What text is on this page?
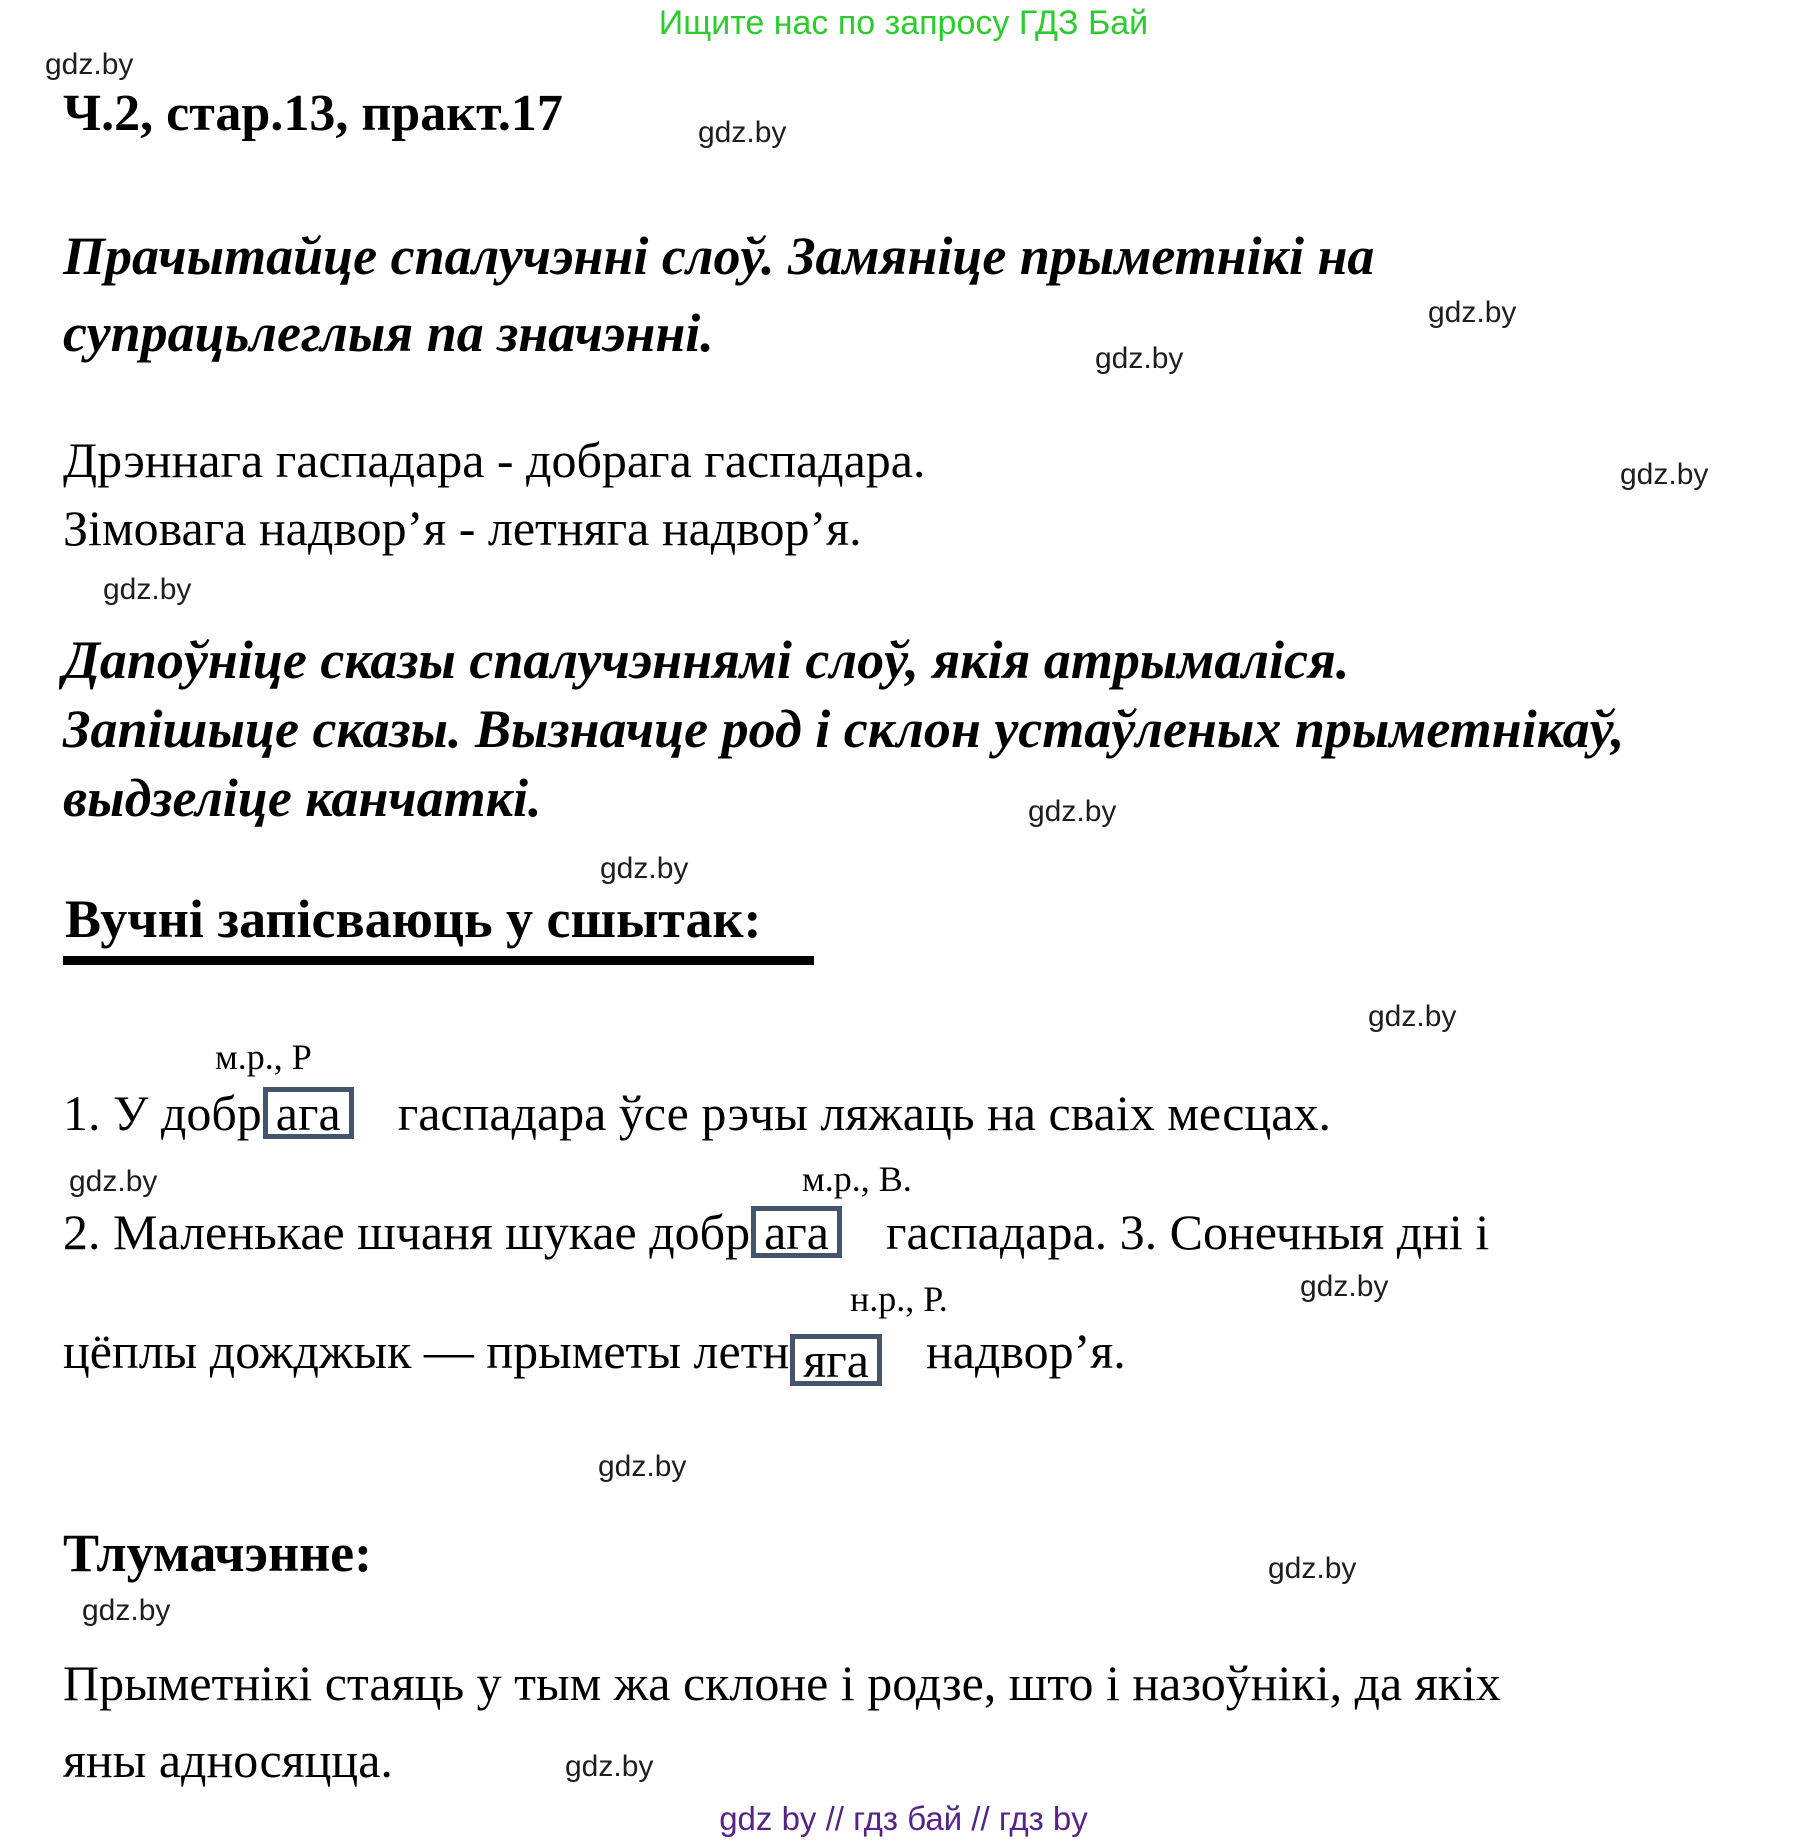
Ищите нас по запросу ГДЗ Бай
Ч.2, стар.13, практ.17
Прачытайце спалучэнні слоў. Замяніце прыметнікі на
супрацьлеглыя па значэнні.
Дрэннага гаспадара - добрага гаспадара.
Зімовага надвор’я - летняга надвор’я.
Дапоўніце сказы спалучэннямі слоў, якія атрымаліся.
Запішыце сказы. Вызначце род і склон устаўленых прыметнікаў,
выдзеліце канчаткі.
Вучні запісваюць у сшытак:
м.р., Р
1. У добр ага гаспадара ўсе рэчы ляжаць на сваіх месцах.
м.р., В.
2. Маленькае шчаня шукае добр ага гаспадара. 3. Сонечныя дні і
н.р., Р.
цёплы дожджык — прыметы летн яга надвор’я.
Тлумачэнне:
Прыметнікі стаяць у тым жа склоне і родзе, што і назоўнікі, да якіх
яны адносяцца.
gdz by // гдз бай // гдз by
gdz.by
gdz.by
gdz.by
gdz.by
gdz.by
gdz.by
gdz.by
gdz.by
gdz.by
gdz.by
gdz.by
gdz.by
gdz.by
gdz.by
gdz.by
